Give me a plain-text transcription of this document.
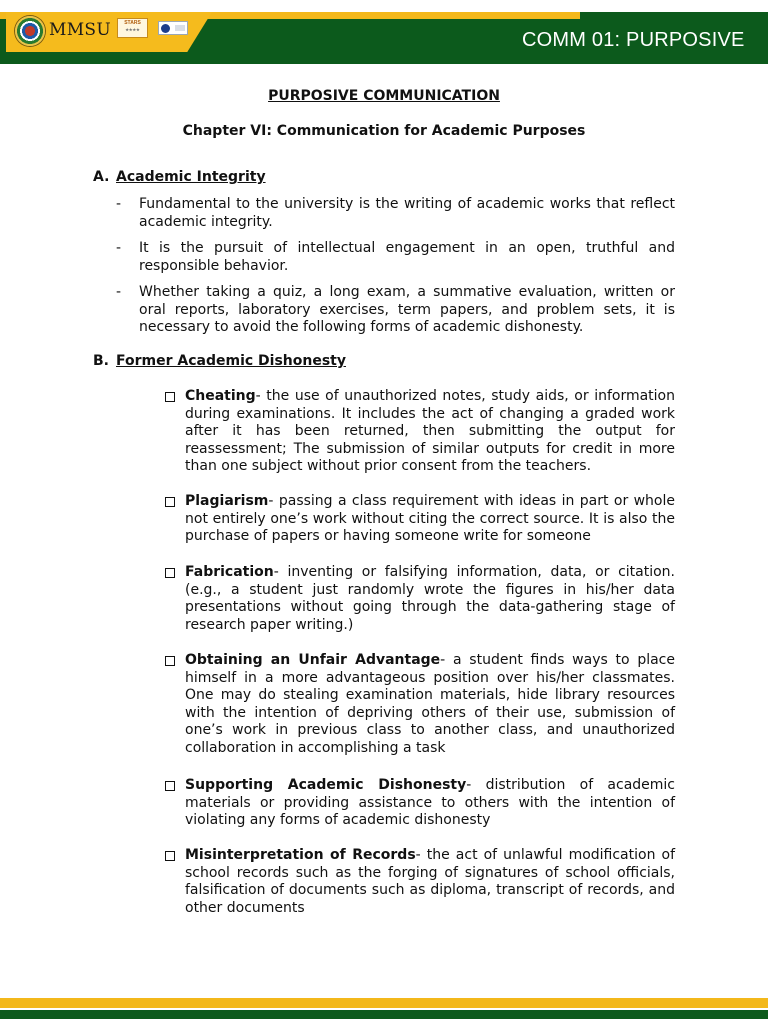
MMSU	STARS
★★★★	COMM 01: PURPOSIVE
PURPOSIVE COMMUNICATION
Chapter VI: Communication for Academic Purposes
A. Academic Integrity
- Fundamental to the university is the writing of academic works that reflect academic integrity.
- It is the pursuit of intellectual engagement in an open, truthful and responsible behavior.
- Whether taking a quiz, a long exam, a summative evaluation, written or oral reports, laboratory exercises, term papers, and problem sets, it is necessary to avoid the following forms of academic dishonesty.
B. Former Academic Dishonesty
Cheating- the use of unauthorized notes, study aids, or information during examinations. It includes the act of changing a graded work after it has been returned, then submitting the output for reassessment; The submission of similar outputs for credit in more than one subject without prior consent from the teachers.
Plagiarism- passing a class requirement with ideas in part or whole not entirely one’s work without citing the correct source. It is also the purchase of papers or having someone write for someone
Fabrication- inventing or falsifying information, data, or citation. (e.g., a student just randomly wrote the figures in his/her data presentations without going through the data-gathering stage of research paper writing.)
Obtaining an Unfair Advantage- a student finds ways to place himself in a more advantageous position over his/her classmates. One may do stealing examination materials, hide library resources with the intention of depriving others of their use, submission of one’s work in previous class to another class, and unauthorized collaboration in accomplishing a task
Supporting Academic Dishonesty- distribution of academic materials or providing assistance to others with the intention of violating any forms of academic dishonesty
Misinterpretation of Records- the act of unlawful modification of school records such as the forging of signatures of school officials, falsification of documents such as diploma, transcript of records, and other documents
